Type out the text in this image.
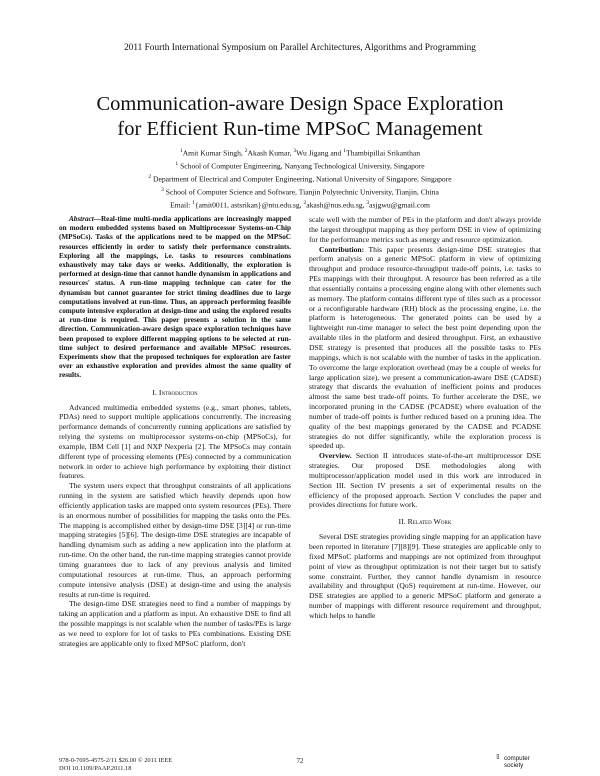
2011 Fourth International Symposium on Parallel Architectures, Algorithms and Programming
Communication-aware Design Space Exploration
for Efficient Run-time MPSoC Management
$^1$Amit Kumar Singh, $^2$Akash Kumar, $^3$Wu Jigang and $^1$Thambipillai Srikanthan
$^1$ School of Computer Engineering, Nanyang Technological University, Singapore
$^2$ Department of Electrical and Computer Engineering, National University of Singapore, Singapore
$^3$ School of Computer Science and Software, Tianjin Polytechnic University, Tianjin, China
Email: $^1${amit0011, astsrikan}@ntu.edu.sg, $^2$akash@nus.edu.sg, $^3$asjgwu@gmail.com

Abstract—Real-time multi-media applications are increasingly mapped on modern embedded systems based on Multiprocessor Systems-on-Chip (MPSoCs). Tasks of the applications need to be mapped on the MPSoC resources efficiently in order to satisfy their performance constraints. Exploring all the mappings, i.e. tasks to resources combinations exhaustively may take days or weeks. Additionally, the exploration is performed at design-time that cannot handle dynamism in applications and resources' status. A run-time mapping technique can cater for the dynamism but cannot guarantee for strict timing deadlines due to large computations involved at run-time. Thus, an approach performing feasible compute intensive exploration at design-time and using the explored results at run-time is required. This paper presents a solution in the same direction. Communication-aware design space exploration techniques have been proposed to explore different mapping options to be selected at run-time subject to desired performance and available MPSoC resources. Experiments show that the proposed techniques for exploration are faster over an exhaustive exploration and provides almost the same quality of results.

I. Introduction

Advanced multimedia embedded systems (e.g., smart phones, tablets, PDAs) need to support multiple applications concurrently. The increasing performance demands of concurrently running applications are satisfied by relying the systems on multiprocessor systems-on-chip (MPSoCs), for example, IBM Cell [1] and NXP Nexperia [2]. The MPSoCs may contain different type of processing elements (PEs) connected by a communication network in order to achieve high performance by exploiting their distinct features.

The system users expect that throughput constraints of all applications running in the system are satisfied which heavily depends upon how efficiently application tasks are mapped onto system resources (PEs). There is an enormous number of possibilities for mapping the tasks onto the PEs. The mapping is accomplished either by design-time DSE [3][4] or run-time mapping strategies [5][6]. The design-time DSE strategies are incapable of handling dynamism such as adding a new application into the platform at run-time. On the other hand, the run-time mapping strategies cannot provide timing guarantees due to lack of any previous analysis and limited computational resources at run-time. Thus, an approach performing compute intensive analysis (DSE) at design-time and using the analysis results at run-time is required.

The design-time DSE strategies need to find a number of mappings by taking an application and a platform as input. An exhaustive DSE to find all the possible mappings is not scalable when the number of tasks/PEs is large as we need to explore for lot of tasks to PEs combinations. Existing DSE strategies are applicable only to fixed MPSoC platform, don't

scale well with the number of PEs in the platform and don't always provide the largest throughput mapping as they perform DSE in view of optimizing for the performance metrics such as energy and resource optimization.

Contribution: This paper presents design-time DSE strategies that perform analysis on a generic MPSoC platform in view of optimizing throughput and produce resource-throughput trade-off points, i.e. tasks to PEs mappings with their throughput. A resource has been referred as a tile that essentially contains a processing engine along with other elements such as memory. The platform contains different type of tiles such as a processor or a reconfigurable hardware (RH) block as the processing engine, i.e. the platform is heterogeneous. The generated points can be used by a lightweight run-time manager to select the best point depending upon the available tiles in the platform and desired throughput. First, an exhaustive DSE strategy is presented that produces all the possible tasks to PEs mappings, which is not scalable with the number of tasks in the application. To overcome the large exploration overhead (may be a couple of weeks for large application size), we present a communication-aware DSE (CADSE) strategy that discards the evaluation of inefficient points and produces almost the same best trade-off points. To further accelerate the DSE, we incorporated pruning in the CADSE (PCADSE) where evaluation of the number of trade-off points is further reduced based on a pruning idea. The quality of the best mappings generated by the CADSE and PCADSE strategies do not differ significantly, while the exploration process is speeded up.

Overview. Section II introduces state-of-the-art multiprocessor DSE strategies. Our proposed DSE methodologies along with multiprocessor/application model used in this work are introduced in Section III. Section IV presents a set of experimental results on the efficiency of the proposed approach. Section V concludes the paper and provides directions for future work.

II. Related Work

Several DSE strategies providing single mapping for an application have been reported in literature [7][8][9]. These strategies are applicable only to fixed MPSoC platforms and mappings are not optimized from throughput point of view as throughput optimization is not their target but to satisfy some constraint. Further, they cannot handle dynamism in resource availability and throughput (QoS) requirement at run-time. However, our DSE strategies are applied to a generic MPSoC platform and generate a number of mappings with different resource requirement and throughput, which helps to handle

978-0-7695-4575-2/11 $26.00 © 2011 IEEE
DOI 10.1109/PAAP.2011.18
72	⁞⁞ computer
society
